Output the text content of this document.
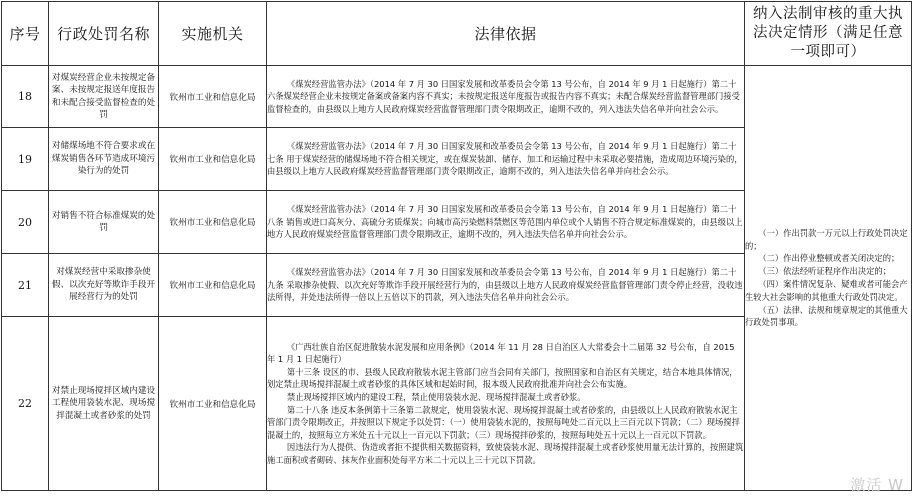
序号	行政处罚名称	实施机关	法律依据	纳入法制审核的重大执法决定情形（满足任意一项即可）
18	对煤炭经营企业未按规定备案、未按规定报送年度报告和未配合接受监督检查的处罚	钦州市工业和信息化局	《煤炭经营监管办法》（2014 年 7 月 30 日国家发展和改革委员会令第 13 号公布，自 2014 年 9 月 1 日起施行）第二十六条煤炭经营企业未按规定备案或备案内容不真实；未按规定报送年度报告或报告内容不真实；未配合煤炭经营监督管理部门接受监督检查的，由县级以上地方人民政府煤炭经营监督管理部门责令限期改正，逾期不改的，列入违法失信名单并向社会公示。	（一）作出罚款一万元以上行政处罚决定的；

（二）作出停业整顿或者关闭决定的；

（三）依法经听证程序作出决定的；

（四）案件情况复杂、疑难或者可能会产生较大社会影响的其他重大行政处罚决定。

（五）法律、法规和规章规定的其他重大行政处罚事项。

19	对储煤场地不符合要求或在煤炭销售各环节造成环境污染行为的处罚	钦州市工业和信息化局	《煤炭经营监管办法》（2014 年 7 月 30 日国家发展和改革委员会令第 13 号公布，自 2014 年 9 月 1 日起施行）第二十七条 用于煤炭经营的储煤场地不符合相关规定，或在煤炭装卸、储存、加工和运输过程中未采取必要措施，造成周边环境污染的，由县级以上地方人民政府煤炭经营监督管理部门责令限期改正，逾期不改的，列入违法失信名单并向社会公示。	

20	对销售不符合标准煤炭的处罚	钦州市工业和信息化局	《煤炭经营监管办法》（2014 年 7 月 30 日国家发展和改革委员会令第 13 号公布，自 2014 年 9 月 1 日起施行）第二十八条 销售或进口高灰分、高硫分劣质煤炭；向城市高污染燃料禁燃区等范围内单位或个人销售不符合规定标准煤炭的，由县级以上地方人民政府煤炭经营监督管理部门责令限期改正，逾期不改的，列入违法失信名单并向社会公示。	

21	对煤炭经营中采取掺杂使假、以次充好等欺诈手段开展经营行为的处罚	钦州市工业和信息化局	《煤炭经营监管办法》（2014 年 7 月 30 日国家发展和改革委员会令第 13 号公布，自 2014 年 9 月 1 日起施行）第二十九条 采取掺杂使假、以次充好等欺诈手段开展经营行为的，由县级以上地方人民政府煤炭经营监督管理部门责令停止经营，没收违法所得，并处违法所得一倍以上五倍以下的罚款，列入违法失信名单并向社会公示。	

22	对禁止现场搅拌区域内建设工程使用袋装水泥、现场搅拌混凝土或者砂浆的处罚	钦州市工业和信息化局	《广西壮族自治区促进散装水泥发展和应用条例》（2014 年 11 月 28 日自治区人大常委会十二届第 32 号公布，自 2015 年 1 月 1 日起施行）

第十三条 设区的市、县级人民政府散装水泥主管部门应当会同有关部门，按照国家和自治区有关规定，结合本地具体情况，划定禁止现场搅拌混凝土或者砂浆的具体区域和起始时间，报本级人民政府批准并向社会公布实施。

禁止现场搅拌区域内的建设工程，禁止使用袋装水泥、现场搅拌混凝土或者砂浆。

第二十八条 违反本条例第十三条第二款规定，使用袋装水泥、现场搅拌混凝土或者砂浆的，由县级以上人民政府散装水泥主管部门责令限期改正，并按照以下规定予以处罚：（一）使用袋装水泥的，按照每吨处二百元以上三百元以下罚款；（二）现场搅拌混凝土的，按照每立方米处五十元以上一百元以下罚款；（三）现场搅拌砂浆的，按照每吨处五十元以上一百元以下罚款。

因违法行为人提供、伪造或者拒不提供相关数据资料，致使袋装水泥、现场搅拌混凝土或者砂浆使用量无法计算的，按照建筑施工面积或者砌砖、抹灰作业面积处每平方米二十元以上三十元以下罚款。	

激活 W
